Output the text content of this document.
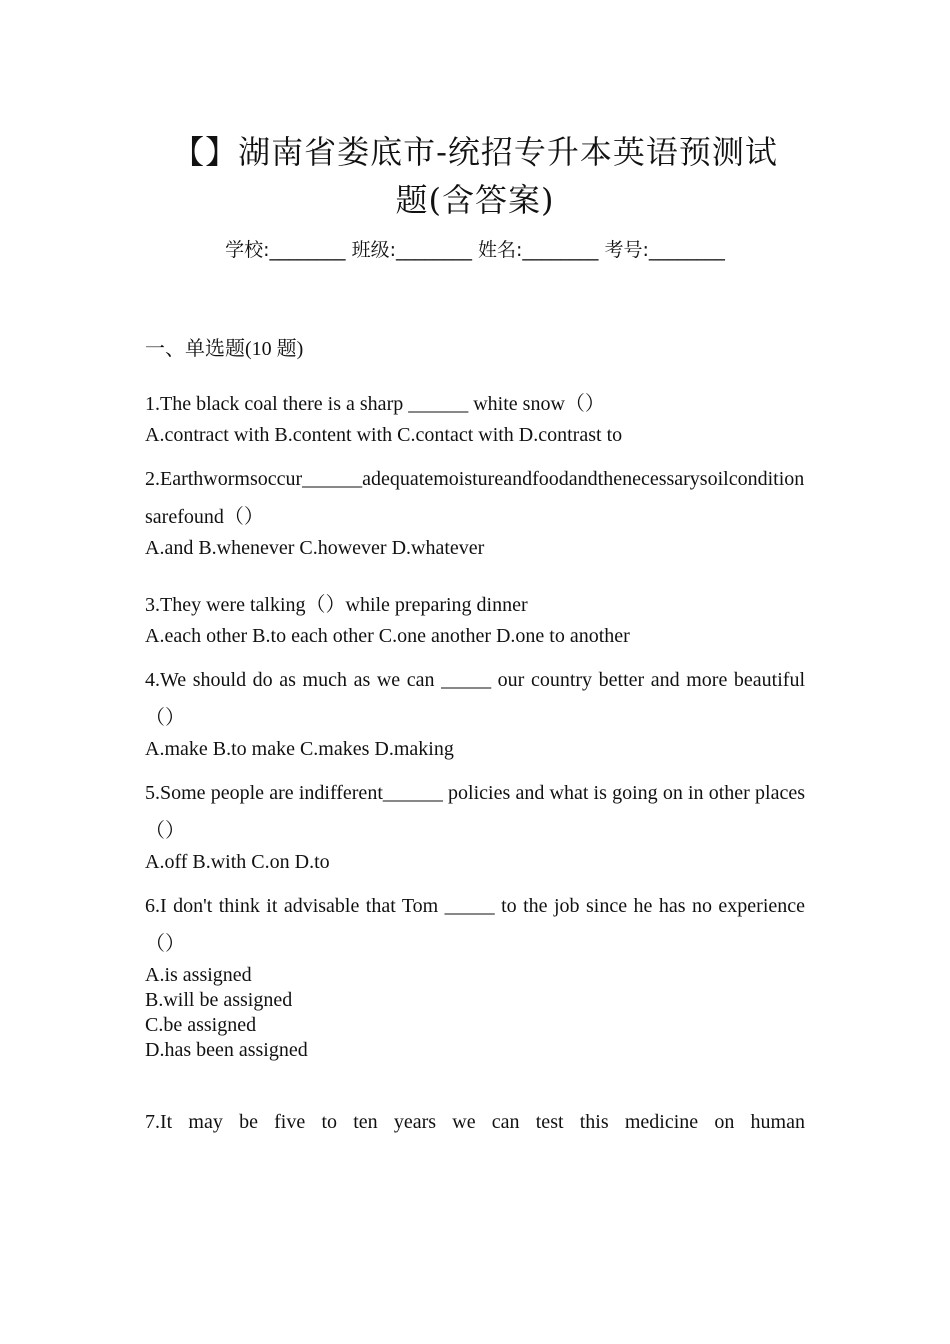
【】湖南省娄底市-统招专升本英语预测试
题(含答案)
学校:________ 班级:________ 姓名:________ 考号:________
一、单选题(10 题)
1.The black coal there is a sharp ______ white snow（）
A.contract with B.content with C.contact with D.contrast to
2.Earthwormsoccur______adequatemoistureandfoodandthenecessarysoilconditionsarefound（）
A.and B.whenever C.however D.whatever
3.They were talking（）while preparing dinner
A.each other B.to each other C.one another D.one to another
4.We should do as much as we can _____ our country better and more beautiful（）
A.make B.to make C.makes D.making
5.Some people are indifferent______ policies and what is going on in other places（）
A.off B.with C.on D.to
6.I don't think it advisable that Tom _____ to the job since he has no experience（）
A.is assigned
B.will be assigned
C.be assigned
D.has been assigned
7.It may be five to ten years we can test this medicine on human
